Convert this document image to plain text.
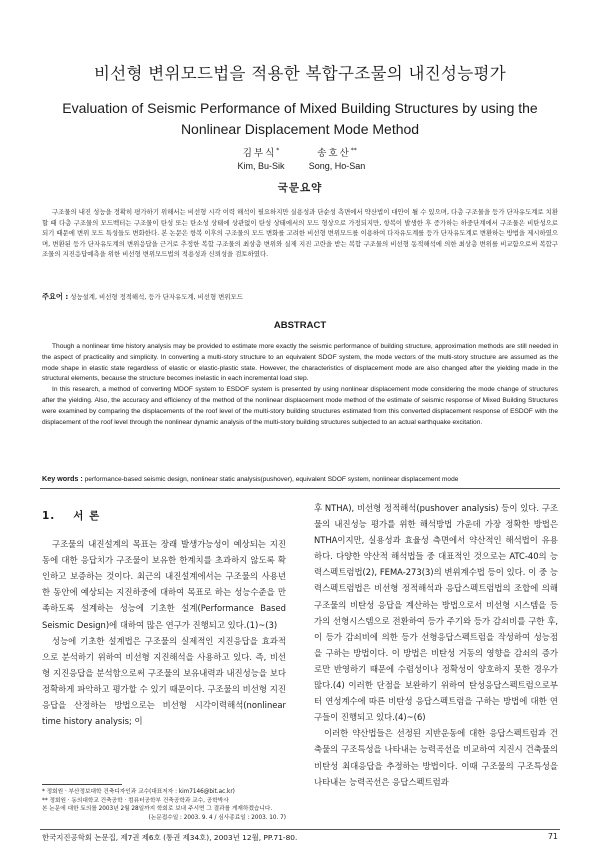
비선형 변위모드법을 적용한 복합구조물의 내진성능평가
Evaluation of Seismic Performance of Mixed Building Structures by using the
Nonlinear Displacement Mode Method
김부식*
Kim, Bu-Sik
송호산**
Song, Ho-San
국문요약
구조물의 내진 성능을 정확히 평가하기 위해서는 비선형 시각 이력 해석이 필요하지만 실용성과 단순성 측면에서 약산법이 대안이 될 수 있으며, 다층 구조물을 등가 단자유도계로 치환할 때 다층 구조물의 모드벡터는 구조물이 탄성 또는 탄소성 상태에 상관없이 탄성 상태에서의 모드 형상으로 가정되지만, 항복이 발생한 후 증가하는 하중단계에서 구조물은 비탄성으로 되기 때문에 변위 모드 특성들도 변화한다. 본 논문은 항복 이후의 구조물의 모드 변화를 고려한 비선형 변위모드를 이용하여 다자유도계를 등가 단자유도계로 변환하는 방법을 제시하였으며, 변환된 등가 단자유도계의 변위응답을 근거로 추정한 복합 구조물의 최상층 변위와 실제 지진 고란을 받는 복합 구조물의 비선형 동적해석에 의한 최상층 변위를 비교함으로써 복합구조물의 지진응답예측을 위한 비선형 변위모드법의 적용성과 신뢰성을 검토하였다.
주요어 : 성능설계, 비선형 정적해석, 등가 단자유도계, 비선형 변위모드
ABSTRACT

Though a nonlinear time history analysis may be provided to estimate more exactly the seismic performance of building structure, approximation methods are still needed in the aspect of practicality and simplicity. In converting a multi-story structure to an equivalent SDOF system, the mode vectors of the multi-story structure are assumed as the mode shape in elastic state regardless of elastic or elastic-plastic state. However, the characteristics of displacement mode are also changed after the yielding made in the structural elements, because the structure becomes inelastic in each incremental load step.

In this research, a method of converting MDOF system to ESDOF system is presented by using nonlinear displacement mode considering the mode change of structures after the yielding. Also, the accuracy and efficiency of the method of the nonlinear displacement mode method of the estimate of seismic response of Mixed Building Structures were examined by comparing the displacements of the roof level of the multi-story building structures estimated from this converted displacement response of ESDOF with the displacement of the roof level through the nonlinear dynamic analysis of the multi-story building structures subjected to an actual earthquake excitation.

Key words : performance-based seismic design, nonlinear static analysis(pushover), equivalent SDOF system, nonlinear displacement mode
1. 서 론

구조물의 내진설계의 목표는 장래 발생가능성이 예상되는 지진동에 대한 응답치가 구조물이 보유한 한계치를 초과하지 않도록 확인하고 보증하는 것이다. 최근의 내진설계에서는 구조물의 사용년한 동안에 예상되는 지진하중에 대하여 목표로 하는 성능수준을 만족하도록 설계하는 성능에 기초한 설계(Performance Based Seismic Design)에 대하여 많은 연구가 진행되고 있다.(1)~(3)

성능에 기초한 설계법은 구조물의 실제적인 지진응답을 효과적으로 분석하기 위하여 비선형 지진해석을 사용하고 있다. 즉, 비선형 지진응답을 분석함으로써 구조물의 보유내력과 내진성능을 보다 정확하게 파악하고 평가할 수 있기 때문이다. 구조물의 비선형 지진응답을 산정하는 방법으로는 비선형 시각이력해석(nonlinear time history analysis; 이

후 NTHA), 비선형 정적해석(pushover analysis) 등이 있다. 구조물의 내진성능 평가를 위한 해석방법 가운데 가장 정확한 방법은 NTHA이지만, 실용성과 효율성 측면에서 약산적인 해석법이 유용하다. 다양한 약산적 해석법들 중 대표적인 것으로는 ATC-40의 능력스펙트럼법(2), FEMA-273(3)의 변위계수법 등이 있다. 이 중 능력스펙트럼법은 비선형 정적해석과 응답스펙트럼법의 조합에 의해 구조물의 비탄성 응답을 계산하는 방법으로서 비선형 시스템을 등가의 선형시스템으로 전환하여 등가 주기와 등가 감쇠비를 구한 후, 이 등가 감쇠비에 의한 등가 선형응답스펙트럼을 작성하여 성능점을 구하는 방법이다. 이 방법은 비탄성 거동의 영향을 감쇠의 증가로만 반영하기 때문에 수렴성이나 정확성이 양호하지 못한 경우가 많다.(4) 이러한 단점을 보완하기 위하여 탄성응답스펙트럼으로부터 연성계수에 따른 비탄성 응답스펙트럼을 구하는 방법에 대한 연구들이 진행되고 있다.(4)~(6)

이러한 약산법들은 선정된 지반운동에 대한 응답스펙트럼과 건축물의 구조특성을 나타내는 능력곡선을 비교하여 지진시 건축물의 비탄성 최대응답을 추정하는 방법이다. 이때 구조물의 구조특성을 나타내는 능력곡선은 응답스펙트럼과

* 정회원 · 부산정보대학 건축디자인과 교수(대표저자 : kim7146@bit.ac.kr)
** 정회원 · 동의대학교 건축공학 · 컴퓨터공학부 건축공학과 교수, 공학박사
본 논문에 대한 토의를 2003년 2월 28일까지 학회로 보내 주시면 그 결과를 게재하겠습니다.
(논문접수일 : 2003. 9. 4 / 심사종료일 : 2003. 10. 7)
한국지진공학회 논문집, 제7권 제6호 (통권 제34호), 2003년 12월, PP.71-80.	71
